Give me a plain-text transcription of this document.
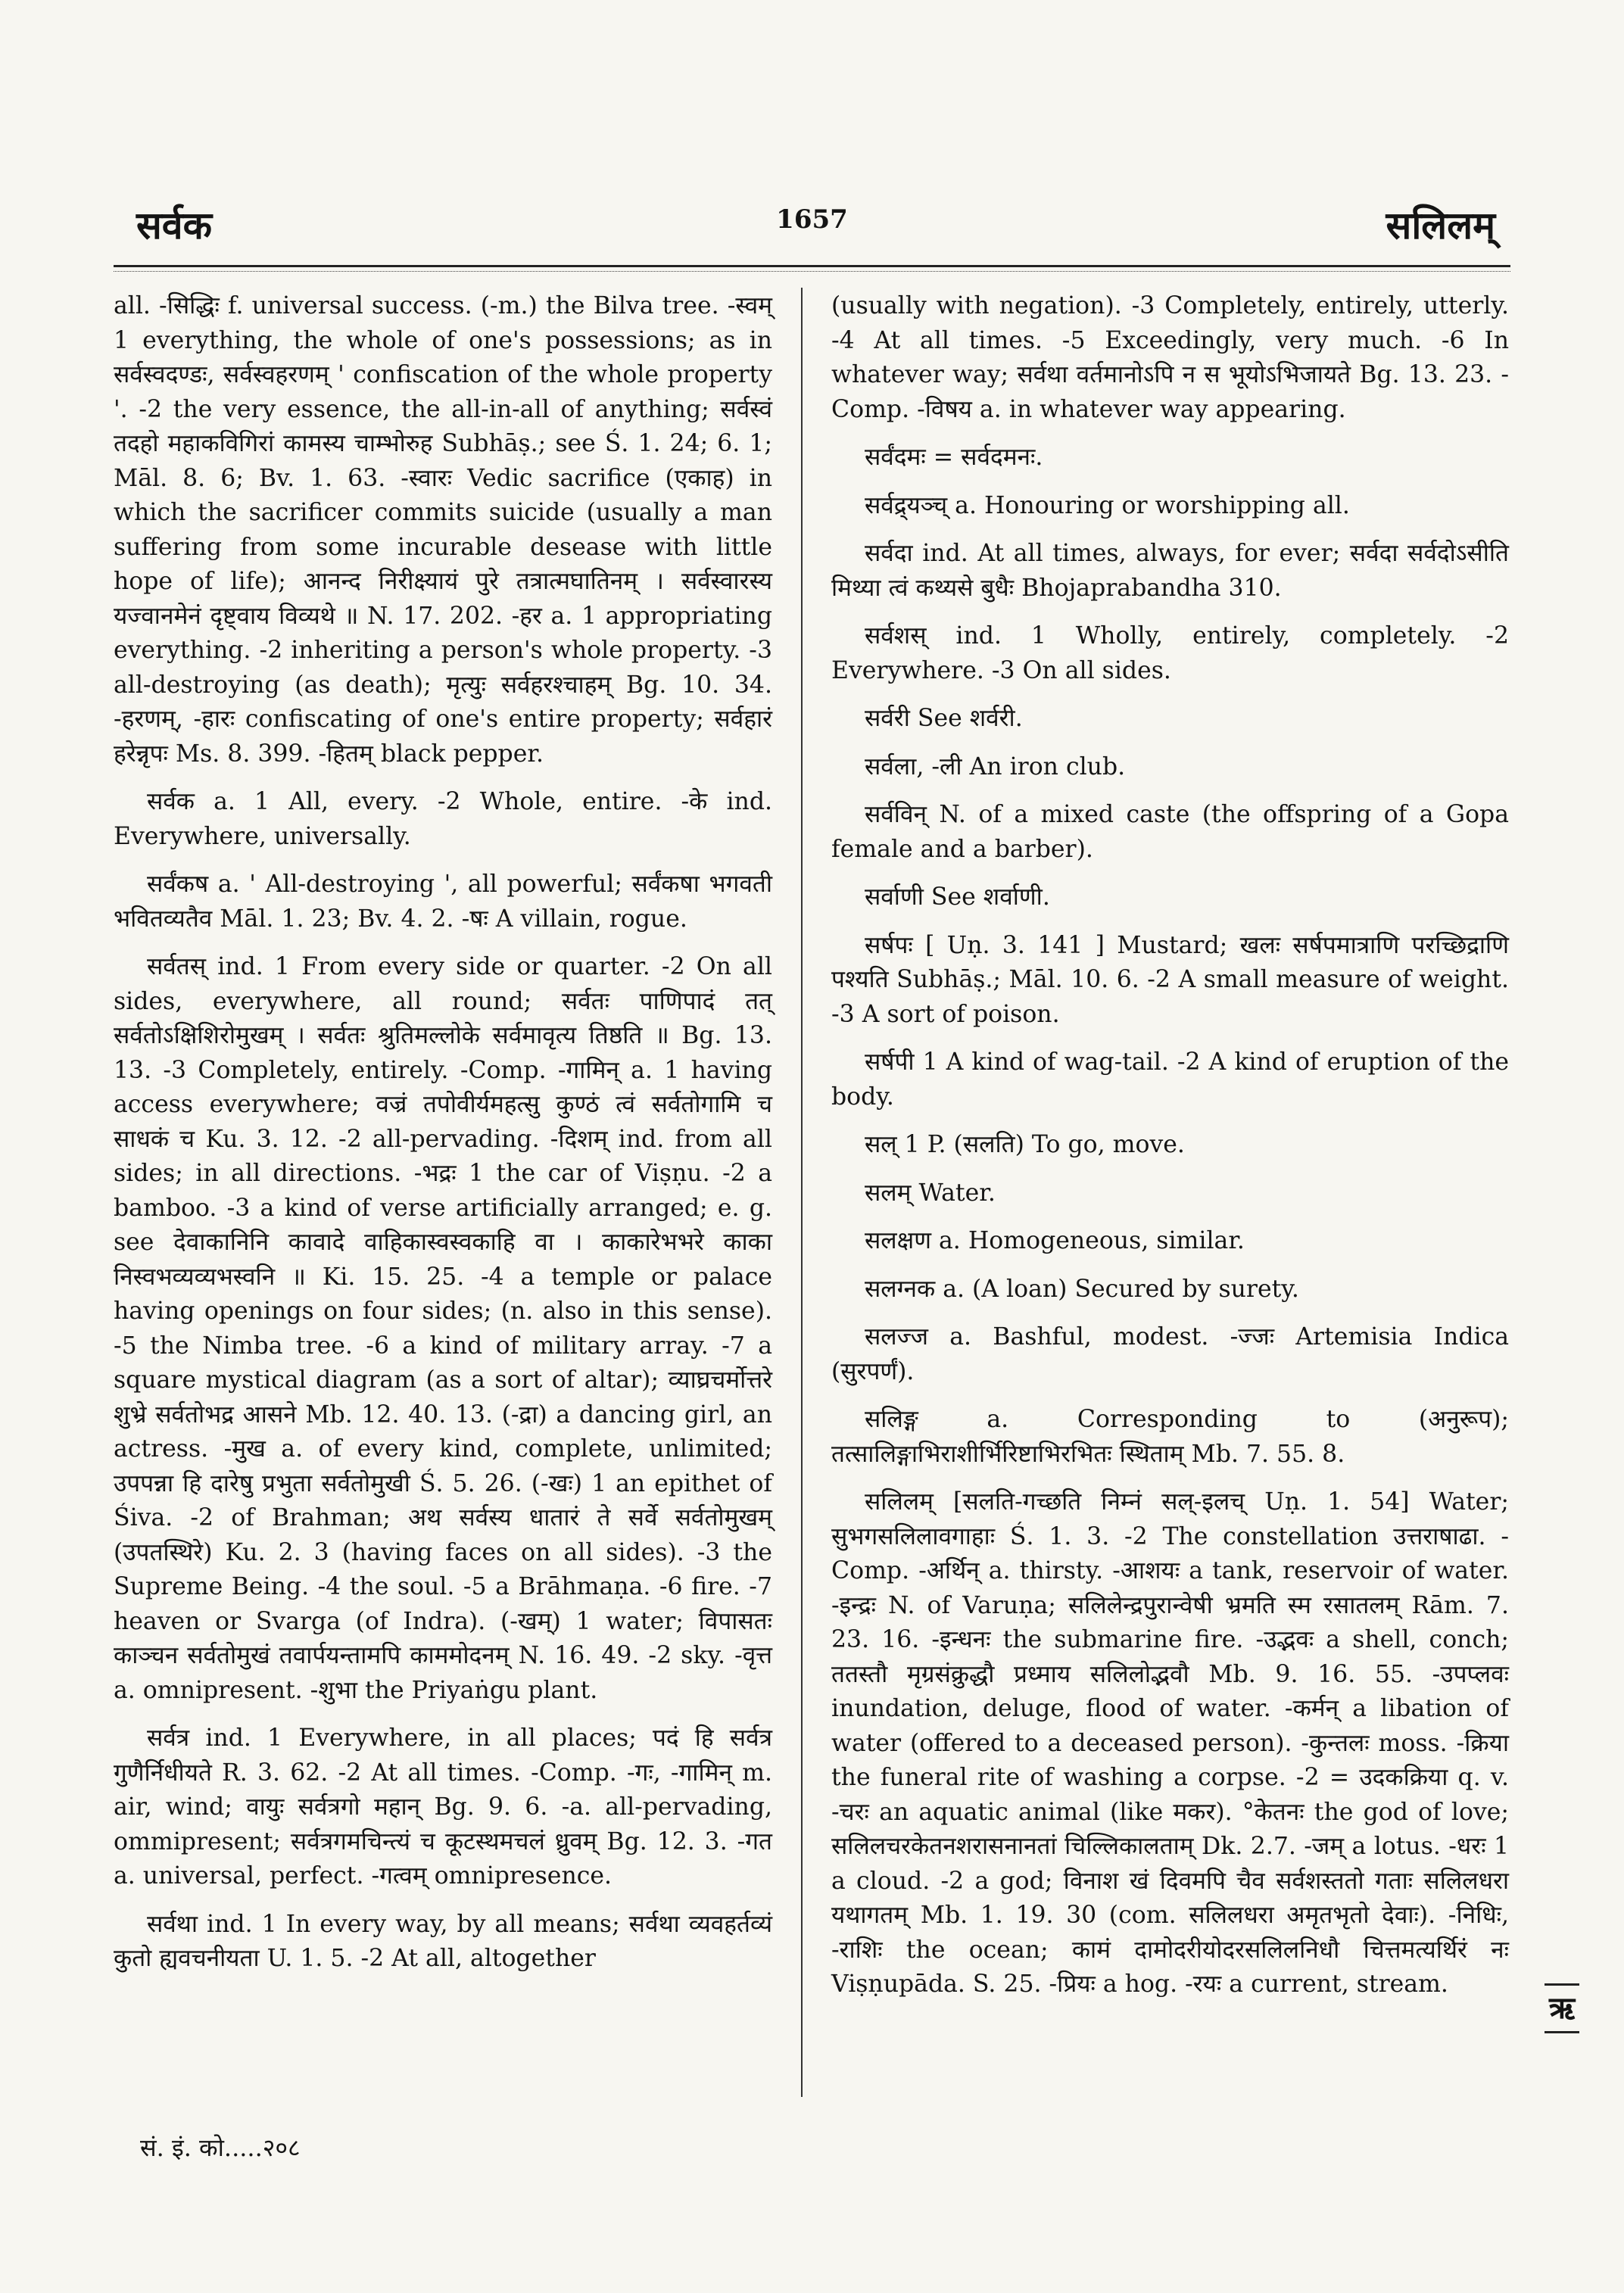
सर्वक	1657	सलिलम्

all. -सिद्धिः f. universal success. (-m.) the Bilva tree. -स्वम् 1 everything, the whole of one's possessions; as in सर्वस्वदण्डः, सर्वस्वहरणम् ' confiscation of the whole property '. -2 the very essence, the all-in-all of anything; सर्वस्वं तदहो महाकविगिरां कामस्य चाम्भोरुह Subhāṣ.; see Ś. 1. 24; 6. 1; Māl. 8. 6; Bv. 1. 63. -स्वारः Vedic sacrifice (एकाह) in which the sacrificer commits suicide (usually a man suffering from some incurable desease with little hope of life); आनन्द निरीक्ष्यायं पुरे तत्रात्मघातिनम् । सर्वस्वारस्य यज्वानमेनं दृष्ट्वाय विव्यथे ॥ N. 17. 202. -हर a. 1 appropriating everything. -2 inheriting a person's whole property. -3 all-destroying (as death); मृत्युः सर्वहरश्चाहम् Bg. 10. 34. -हरणम्, -हारः confiscating of one's entire property; सर्वहारं हरेन्नृपः Ms. 8. 399. -हितम् black pepper.

सर्वक a. 1 All, every. -2 Whole, entire. -के ind. Everywhere, universally.

सर्वंकष a. ' All-destroying ', all powerful; सर्वंकषा भगवती भवितव्यतैव Māl. 1. 23; Bv. 4. 2. -षः A villain, rogue.

सर्वतस् ind. 1 From every side or quarter. -2 On all sides, everywhere, all round; सर्वतः पाणिपादं तत् सर्वतोऽक्षिशिरोमुखम् । सर्वतः श्रुतिमल्लोके सर्वमावृत्य तिष्ठति ॥ Bg. 13. 13. -3 Completely, entirely. -Comp. -गामिन् a. 1 having access everywhere; वज्रं तपोवीर्यमहत्सु कुण्ठं त्वं सर्वतोगामि च साधकं च Ku. 3. 12. -2 all-pervading. -दिशम् ind. from all sides; in all directions. -भद्रः 1 the car of Viṣṇu. -2 a bamboo. -3 a kind of verse artificially arranged; e. g. see देवाकानिनि कावादे वाहिकास्वस्वकाहि वा । काकारेभभरे काका निस्वभव्यव्यभस्वनि ॥ Ki. 15. 25. -4 a temple or palace having openings on four sides; (n. also in this sense). -5 the Nimba tree. -6 a kind of military array. -7 a square mystical diagram (as a sort of altar); व्याघ्रचर्मोत्तरे शुभ्रे सर्वतोभद्र आसने Mb. 12. 40. 13. (-द्रा) a dancing girl, an actress. -मुख a. of every kind, complete, unlimited; उपपन्ना हि दारेषु प्रभुता सर्वतोमुखी Ś. 5. 26. (-खः) 1 an epithet of Śiva. -2 of Brahman; अथ सर्वस्य धातारं ते सर्वे सर्वतोमुखम् (उपतस्थिरे) Ku. 2. 3 (having faces on all sides). -3 the Supreme Being. -4 the soul. -5 a Brāhmaṇa. -6 fire. -7 heaven or Svarga (of Indra). (-खम्) 1 water; विपासतः काञ्चन सर्वतोमुखं तवार्पयन्तामपि काममोदनम् N. 16. 49. -2 sky. -वृत्त a. omnipresent. -शुभा the Priyaṅgu plant.

सर्वत्र ind. 1 Everywhere, in all places; पदं हि सर्वत्र गुणैर्निधीयते R. 3. 62. -2 At all times. -Comp. -गः, -गामिन् m. air, wind; वायुः सर्वत्रगो महान् Bg. 9. 6. -a. all-pervading, ommipresent; सर्वत्रगमचिन्त्यं च कूटस्थमचलं ध्रुवम् Bg. 12. 3. -गत a. universal, perfect. -गत्वम् omnipresence.

सर्वथा ind. 1 In every way, by all means; सर्वथा व्यवहर्तव्यं कुतो ह्यवचनीयता U. 1. 5. -2 At all, altogether

(usually with negation). -3 Completely, entirely, utterly. -4 At all times. -5 Exceedingly, very much. -6 In whatever way; सर्वथा वर्तमानोऽपि न स भूयोऽभिजायते Bg. 13. 23. -Comp. -विषय a. in whatever way appearing.

सर्वंदमः = सर्वदमनः.

सर्वद्र्यञ्च् a. Honouring or worshipping all.

सर्वदा ind. At all times, always, for ever; सर्वदा सर्वदोऽसीति मिथ्या त्वं कथ्यसे बुधैः Bhojaprabandha 310.

सर्वशस् ind. 1 Wholly, entirely, completely. -2 Everywhere. -3 On all sides.

सर्वरी See शर्वरी.

सर्वला, -ली An iron club.

सर्वविन् N. of a mixed caste (the offspring of a Gopa female and a barber).

सर्वाणी See शर्वाणी.

सर्षपः [ Uṇ. 3. 141 ] Mustard; खलः सर्षपमात्राणि परच्छिद्राणि पश्यति Subhāṣ.; Māl. 10. 6. -2 A small measure of weight. -3 A sort of poison.

सर्षपी 1 A kind of wag-tail. -2 A kind of eruption of the body.

सल् 1 P. (सलति) To go, move.

सलम् Water.

सलक्षण a. Homogeneous, similar.

सलग्नक a. (A loan) Secured by surety.

सलज्ज a. Bashful, modest. -ज्जः Artemisia Indica (सुरपर्णं).

सलिङ्ग a. Corresponding to (अनुरूप); तत्सालिङ्गाभिराशीर्भिरिष्टाभिरभितः स्थिताम् Mb. 7. 55. 8.

सलिलम् [सलति-गच्छति निम्नं सल्-इलच् Uṇ. 1. 54] Water; सुभगसलिलावगाहाः Ś. 1. 3. -2 The constellation उत्तराषाढा. -Comp. -अर्थिन् a. thirsty. -आशयः a tank, reservoir of water. -इन्द्रः N. of Varuṇa; सलिलेन्द्रपुरान्वेषी भ्रमति स्म रसातलम् Rām. 7. 23. 16. -इन्धनः the submarine fire. -उद्भवः a shell, conch; ततस्तौ मृग्रसंक्रुद्धौ प्रध्माय सलिलोद्भवौ Mb. 9. 16. 55. -उपप्लवः inundation, deluge, flood of water. -कर्मन् a libation of water (offered to a deceased person). -कुन्तलः moss. -क्रिया the funeral rite of washing a corpse. -2 = उदकक्रिया q. v. -चरः an aquatic animal (like मकर). °केतनः the god of love; सलिलचरकेतनशरासनानतां चिल्लिकालताम् Dk. 2.7. -जम् a lotus. -धरः 1 a cloud. -2 a god; विनाश खं दिवमपि चैव सर्वशस्ततो गताः सलिलधरा यथागतम् Mb. 1. 19. 30 (com. सलिलधरा अमृतभृतो देवाः). -निधिः, -राशिः the ocean; कामं दामोदरीयोदरसलिलनिधौ चित्तमत्यर्थिरं नः Viṣṇupāda. S. 25. -प्रियः a hog. -रयः a current, stream.

सं. इं. को.....२०८
ऋ
